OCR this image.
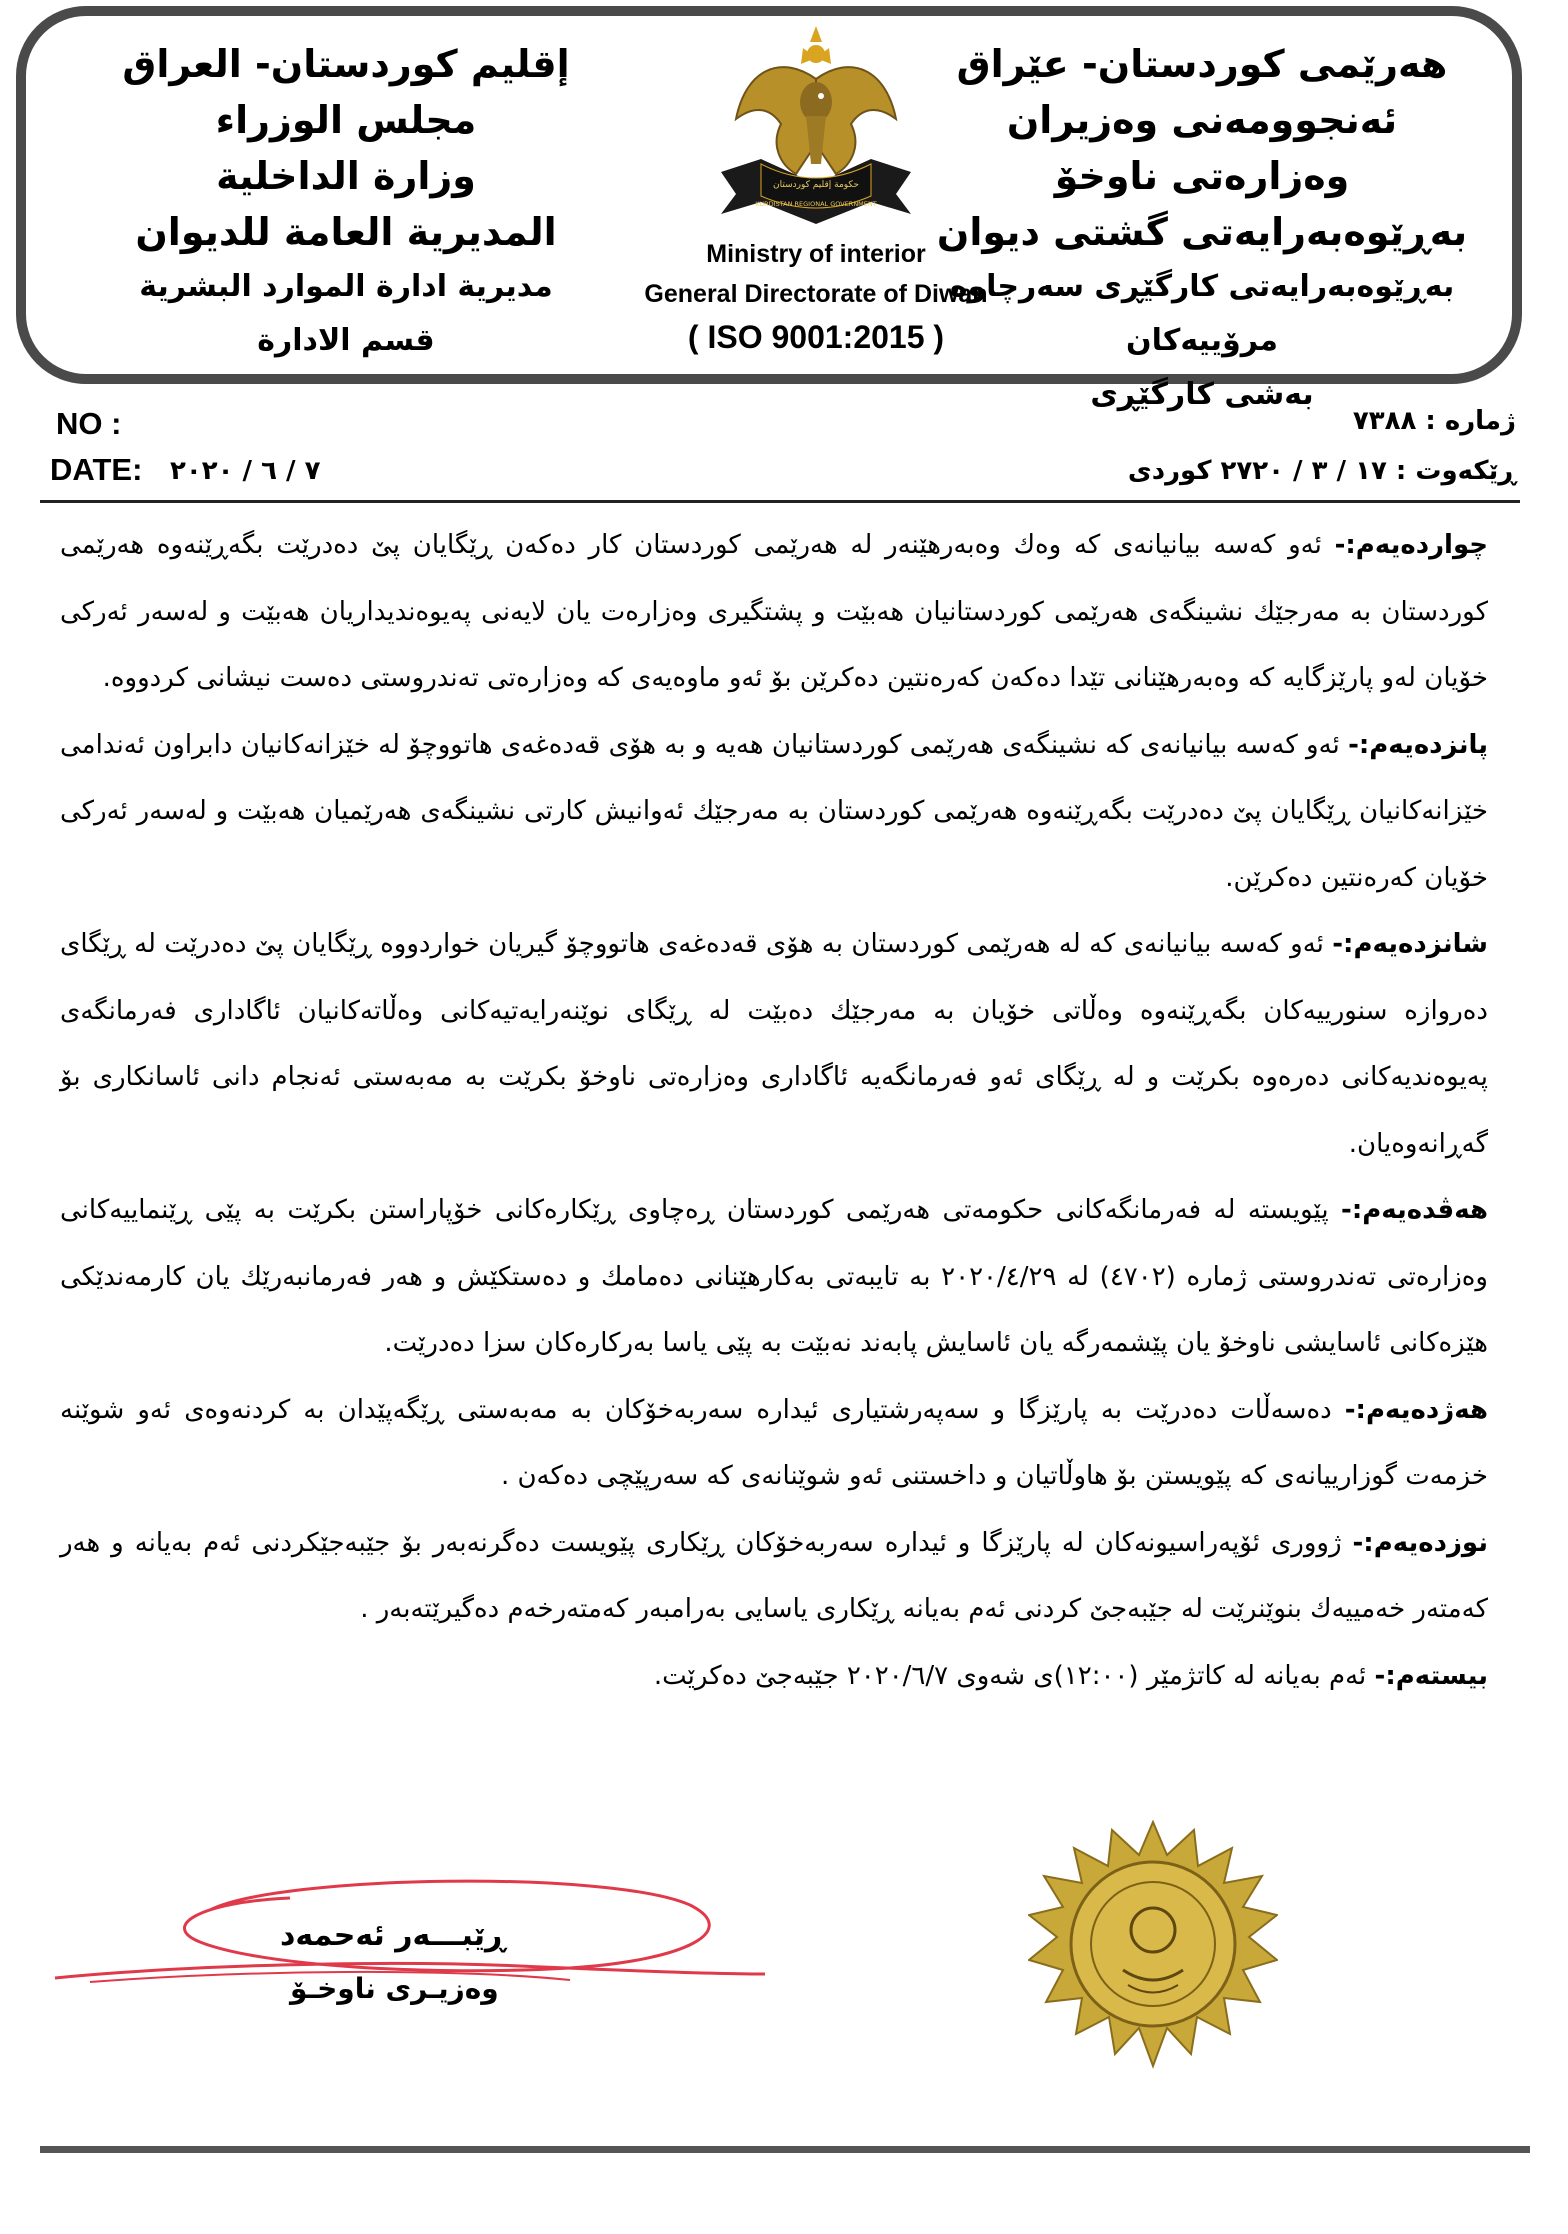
هەرێمی کوردستان- عێراق
ئەنجوومەنی وەزیران
وەزارەتی ناوخۆ
بەڕێوەبەرایەتی گشتی دیوان
بەڕێوەبەرایەتی کارگێڕی سەرچاوە مرۆییەکان
بەشی کارگێڕی
حكومة إقليم كوردستان
KURDISTAN REGIONAL GOVERNMENT
Ministry of interior
General Directorate of Diwan
( ISO 9001:2015 )
إقليم كوردستان- العراق
مجلس الوزراء
وزارة الداخلية
المديرية العامة للديوان
مديرية ادارة الموارد البشرية
قسم الادارة
NO :
DATE: ٧ / ٦ / ٢٠٢٠
ژمارە : ٧٣٨٨
ڕێکەوت : ١٧ / ٣ / ٢٧٢٠ کوردی

چواردەیەم:- ئەو کەسە بیانیانەی کە وەك وەبەرهێنەر لە هەرێمی کوردستان کار دەکەن ڕێگایان پێ دەدرێت بگەڕێنەوە هەرێمی کوردستان بە مەرجێك نشینگەی هەرێمی کوردستانیان هەبێت و پشتگیری وەزارەت یان لایەنی پەیوەندیداریان هەبێت و لەسەر ئەرکی خۆیان لەو پارێزگایە کە وەبەرهێنانی تێدا دەکەن کەرەنتین دەکرێن بۆ ئەو ماوەیەی کە وەزارەتی تەندروستی دەست نیشانی کردووە.

پانزدەیەم:- ئەو کەسە بیانیانەی کە نشینگەی هەرێمی کوردستانیان هەیە و بە هۆی قەدەغەی هاتووچۆ لە خێزانەکانیان دابراون ئەندامی خێزانەکانیان ڕێگایان پێ دەدرێت بگەڕێنەوە هەرێمی کوردستان بە مەرجێك ئەوانیش کارتی نشینگەی هەرێمیان هەبێت و لەسەر ئەرکی خۆیان کەرەنتین دەکرێن.

شانزدەیەم:- ئەو کەسە بیانیانەی کە لە هەرێمی کوردستان بە هۆی قەدەغەی هاتووچۆ گیریان خواردووە ڕێگایان پێ دەدرێت لە ڕێگای دەروازە سنورییەکان بگەڕێنەوە وەڵاتی خۆیان بە مەرجێك دەبێت لە ڕێگای نوێنەرایەتیەکانی وەڵاتەکانیان ئاگاداری فەرمانگەی پەیوەندیەکانی دەرەوە بکرێت و لە ڕێگای ئەو فەرمانگەیە ئاگاداری وەزارەتی ناوخۆ بکرێت بە مەبەستی ئەنجام دانی ئاسانکاری بۆ گەڕانەوەیان.

هەڤدەیەم:- پێویستە لە فەرمانگەکانی حکومەتی هەرێمی کوردستان ڕەچاوی ڕێکارەکانی خۆپاراستن بکرێت بە پێی ڕێنماییەکانی وەزارەتی تەندروستی ژمارە (٤٧٠٢) لە ٢٠٢٠/٤/٢٩ بە تایبەتی بەکارهێنانی دەمامك و دەستکێش و هەر فەرمانبەرێك یان کارمەندێکی هێزەکانی ئاسایشی ناوخۆ یان پێشمەرگە یان ئاسایش پابەند نەبێت بە پێی یاسا بەرکارەکان سزا دەدرێت.

هەژدەیەم:- دەسەڵات دەدرێت بە پارێزگا و سەپەرشتیاری ئیدارە سەربەخۆکان بە مەبەستی ڕێگەپێدان بە کردنەوەی ئەو شوێنە خزمەت گوزارییانەی کە پێویستن بۆ هاوڵاتیان و داخستنی ئەو شوێنانەی کە سەرپێچی دەکەن .

نوزدەیەم:- ژووری ئۆپەراسیونەکان لە پارێزگا و ئیدارە سەربەخۆکان ڕێکاری پێویست دەگرنەبەر بۆ جێبەجێکردنی ئەم بەیانە و هەر کەمتەر خەمییەك بنوێنرێت لە جێبەجێ کردنی ئەم بەیانە ڕێکاری یاسایی بەرامبەر کەمتەرخەم دەگیرێتەبەر .

بیستەم:- ئەم بەیانە لە کاتژمێر (١٢:٠٠)ی شەوی ٢٠٢٠/٦/٧ جێبەجێ دەکرێت.

ڕێبـــەر ئەحمەد
وەزیـری ناوخـۆ
